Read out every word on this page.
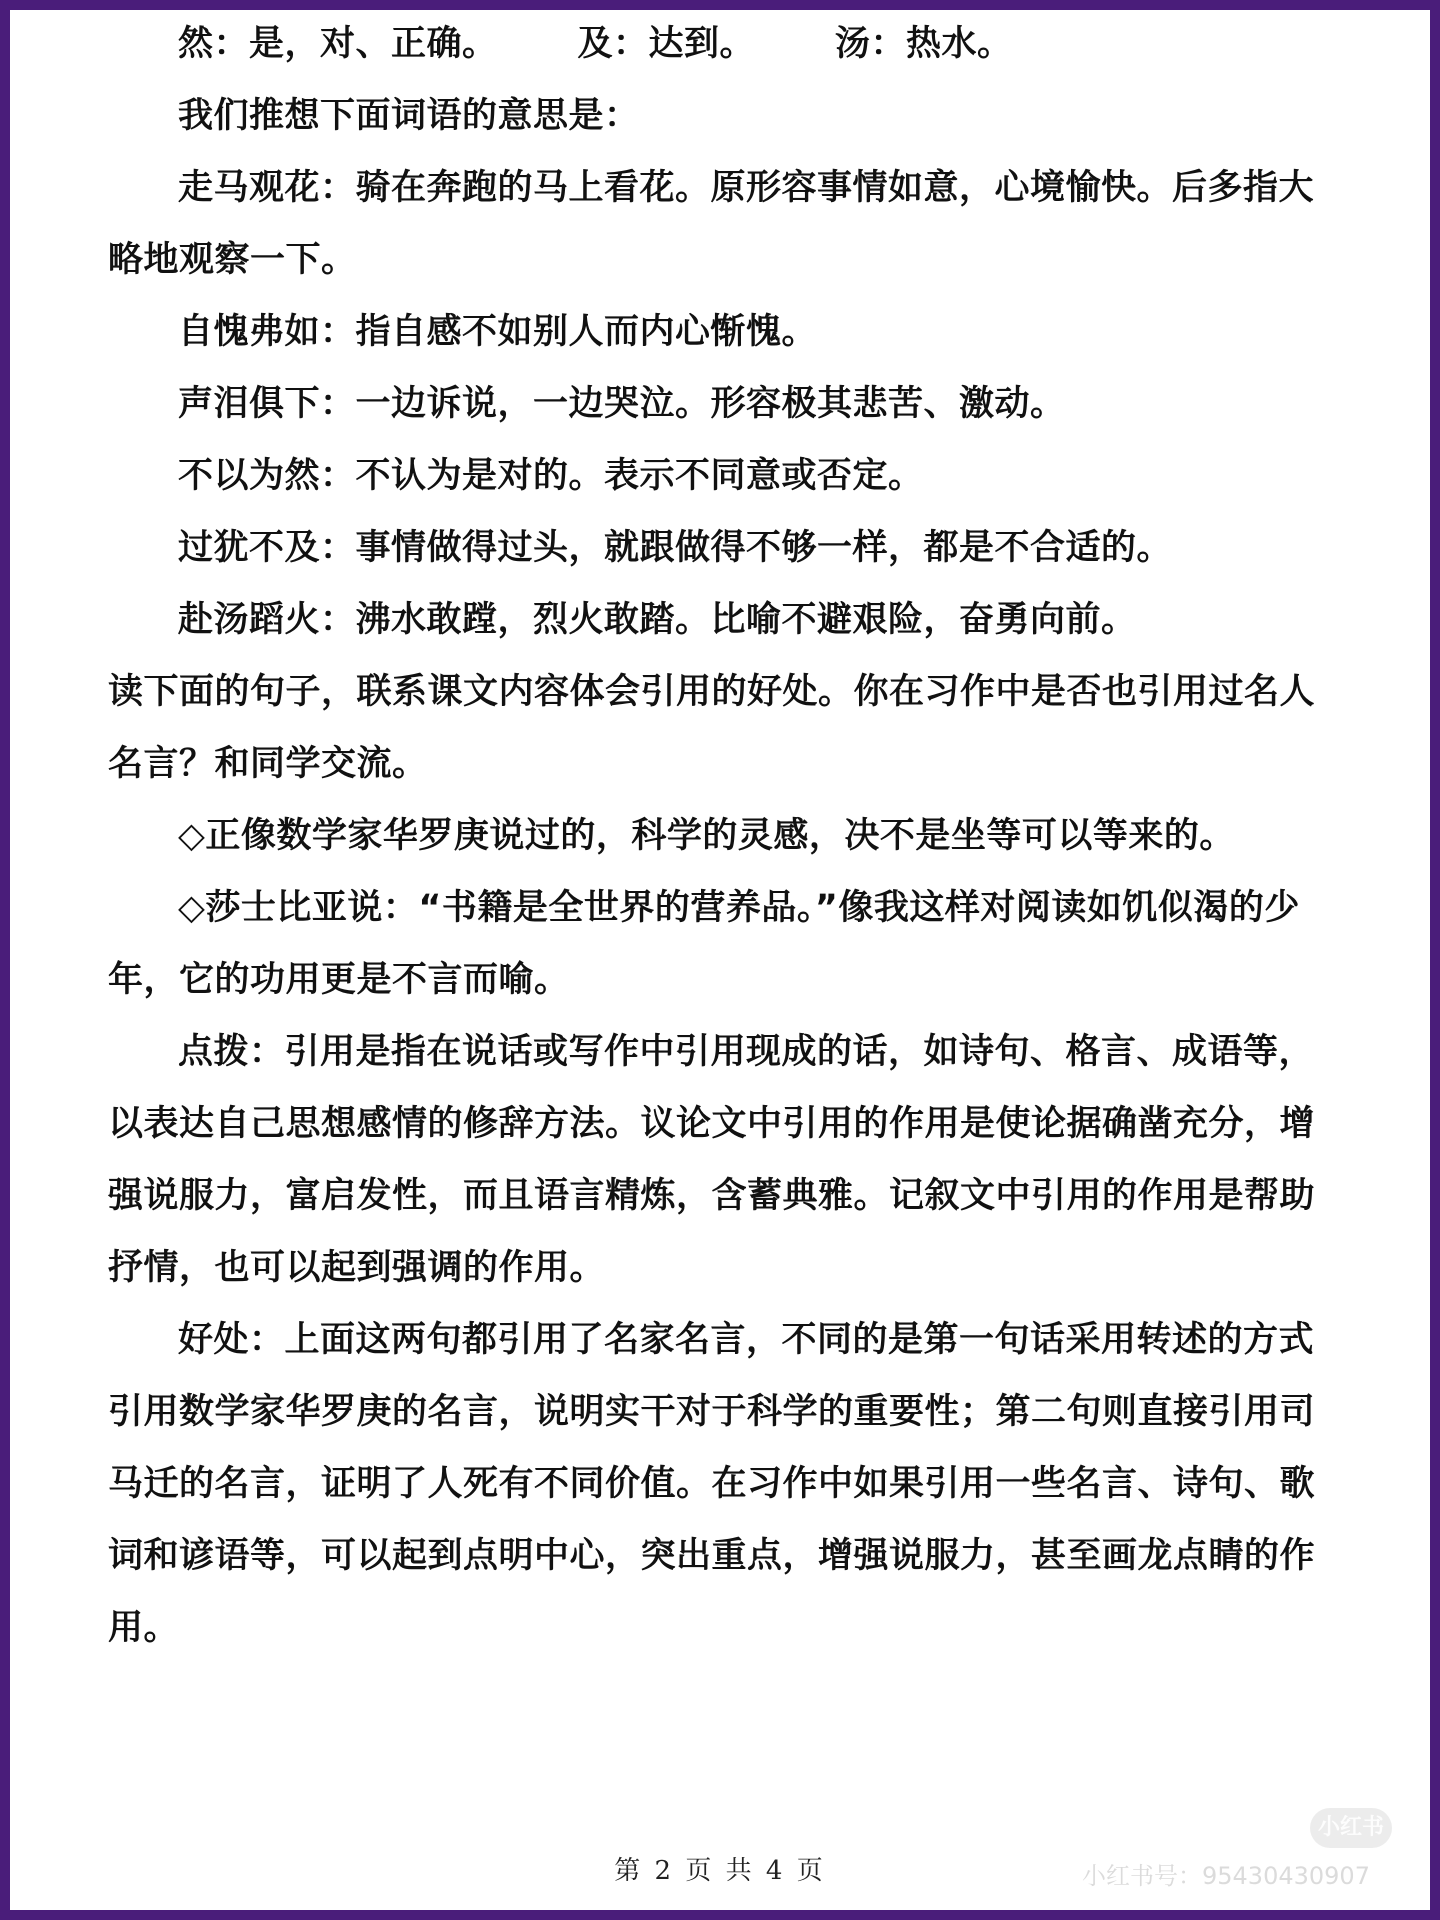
然：是，对、正确。 及：达到。 汤：热水。
我们推想下面词语的意思是：
走马观花：骑在奔跑的马上看花。原形容事情如意，心境愉快。后多指大
略地观察一下。
自愧弗如：指自感不如别人而内心惭愧。
声泪俱下：一边诉说，一边哭泣。形容极其悲苦、激动。
不以为然：不认为是对的。表示不同意或否定。
过犹不及：事情做得过头，就跟做得不够一样，都是不合适的。
赴汤蹈火：沸水敢蹚，烈火敢踏。比喻不避艰险，奋勇向前。
读下面的句子，联系课文内容体会引用的好处。你在习作中是否也引用过名人
名言？和同学交流。
◇正像数学家华罗庚说过的，科学的灵感，决不是坐等可以等来的。
◇莎士比亚说：“书籍是全世界的营养品。”像我这样对阅读如饥似渴的少
年，它的功用更是不言而喻。
点拨：引用是指在说话或写作中引用现成的话，如诗句、格言、成语等，
以表达自己思想感情的修辞方法。议论文中引用的作用是使论据确凿充分，增
强说服力，富启发性，而且语言精炼，含蓄典雅。记叙文中引用的作用是帮助
抒情，也可以起到强调的作用。
好处：上面这两句都引用了名家名言，不同的是第一句话采用转述的方式
引用数学家华罗庚的名言，说明实干对于科学的重要性；第二句则直接引用司
马迁的名言，证明了人死有不同价值。在习作中如果引用一些名言、诗句、歌
词和谚语等，可以起到点明中心，突出重点，增强说服力，甚至画龙点睛的作
用。
小红书
小红书号：95430430907
第 2 页 共 4 页
